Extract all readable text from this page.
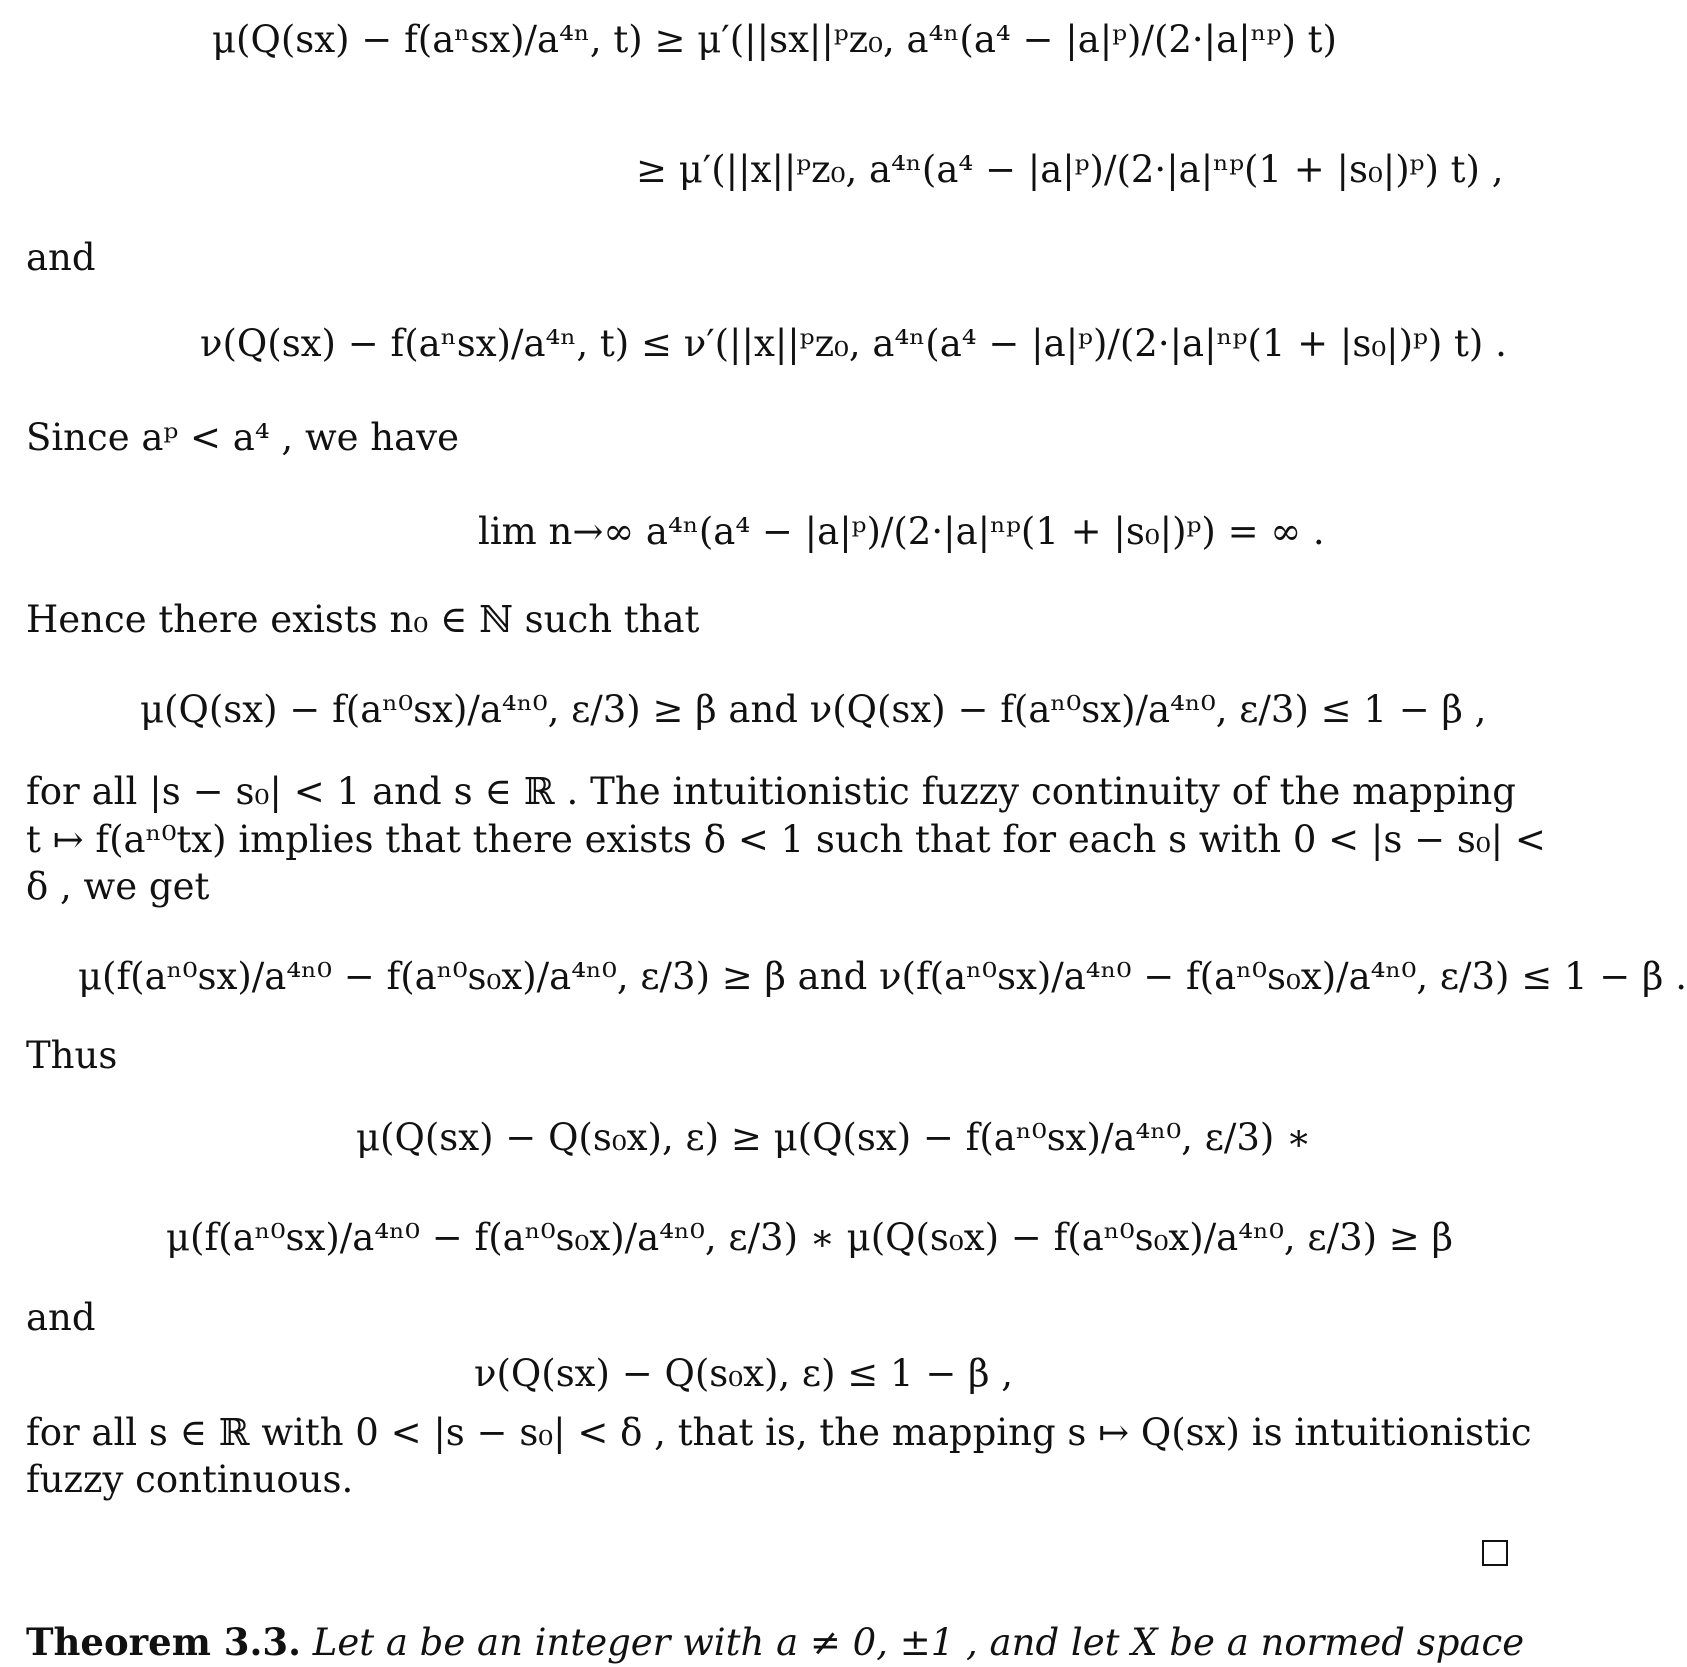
μ(Q(sx) − f(aⁿsx)/a⁴ⁿ, t) ≥ μ′(||sx||ᵖz₀, a⁴ⁿ(a⁴ − |a|ᵖ)/(2·|a|ⁿᵖ) t)
≥ μ′(||x||ᵖz₀, a⁴ⁿ(a⁴ − |a|ᵖ)/(2·|a|ⁿᵖ(1 + |s₀|)ᵖ) t) ,
and
ν(Q(sx) − f(aⁿsx)/a⁴ⁿ, t) ≤ ν′(||x||ᵖz₀, a⁴ⁿ(a⁴ − |a|ᵖ)/(2·|a|ⁿᵖ(1 + |s₀|)ᵖ) t) .
Since aᵖ < a⁴ , we have
lim n→∞ a⁴ⁿ(a⁴ − |a|ᵖ)/(2·|a|ⁿᵖ(1 + |s₀|)ᵖ) = ∞ .
Hence there exists n₀ ∈ ℕ such that
μ(Q(sx) − f(aⁿ⁰sx)/a⁴ⁿ⁰, ε/3) ≥ β and ν(Q(sx) − f(aⁿ⁰sx)/a⁴ⁿ⁰, ε/3) ≤ 1 − β ,
for all |s − s₀| < 1 and s ∈ ℝ . The intuitionistic fuzzy continuity of the mapping
t ↦ f(aⁿ⁰tx) implies that there exists δ < 1 such that for each s with 0 < |s − s₀| <
δ , we get
μ(f(aⁿ⁰sx)/a⁴ⁿ⁰ − f(aⁿ⁰s₀x)/a⁴ⁿ⁰, ε/3) ≥ β and ν(f(aⁿ⁰sx)/a⁴ⁿ⁰ − f(aⁿ⁰s₀x)/a⁴ⁿ⁰, ε/3) ≤ 1 − β .
Thus
μ(Q(sx) − Q(s₀x), ε) ≥ μ(Q(sx) − f(aⁿ⁰sx)/a⁴ⁿ⁰, ε/3) ∗
μ(f(aⁿ⁰sx)/a⁴ⁿ⁰ − f(aⁿ⁰s₀x)/a⁴ⁿ⁰, ε/3) ∗ μ(Q(s₀x) − f(aⁿ⁰s₀x)/a⁴ⁿ⁰, ε/3) ≥ β
and
ν(Q(sx) − Q(s₀x), ε) ≤ 1 − β ,
for all s ∈ ℝ with 0 < |s − s₀| < δ , that is, the mapping s ↦ Q(sx) is intuitionistic
fuzzy continuous.
Theorem 3.3. Let a be an integer with a ≠ 0, ±1 , and let X be a normed space
